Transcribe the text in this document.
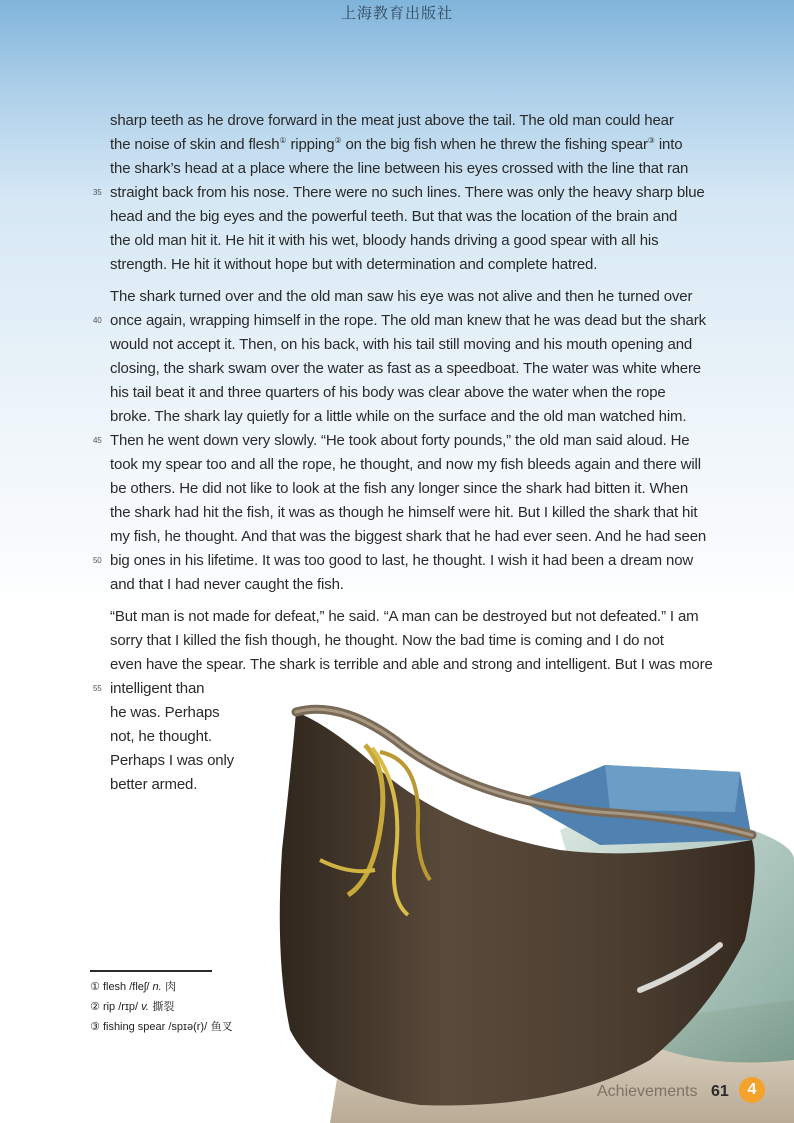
上海教育出版社
sharp teeth as he drove forward in the meat just above the tail. The old man could hear
the noise of skin and flesh① ripping② on the big fish when he threw the fishing spear③ into
the shark’s head at a place where the line between his eyes crossed with the line that ran
35 straight back from his nose. There were no such lines. There was only the heavy sharp blue
head and the big eyes and the powerful teeth. But that was the location of the brain and
the old man hit it. He hit it with his wet, bloody hands driving a good spear with all his
strength. He hit it without hope but with determination and complete hatred.
The shark turned over and the old man saw his eye was not alive and then he turned over
40 once again, wrapping himself in the rope. The old man knew that he was dead but the shark
would not accept it. Then, on his back, with his tail still moving and his mouth opening and
closing, the shark swam over the water as fast as a speedboat. The water was white where
his tail beat it and three quarters of his body was clear above the water when the rope
broke. The shark lay quietly for a little while on the surface and the old man watched him.
45 Then he went down very slowly. “He took about forty pounds,” the old man said aloud. He
took my spear too and all the rope, he thought, and now my fish bleeds again and there will
be others. He did not like to look at the fish any longer since the shark had bitten it. When
the shark had hit the fish, it was as though he himself were hit. But I killed the shark that hit
my fish, he thought. And that was the biggest shark that he had ever seen. And he had seen
50 big ones in his lifetime. It was too good to last, he thought. I wish it had been a dream now
and that I had never caught the fish.
“But man is not made for defeat,” he said. “A man can be destroyed but not defeated.” I am
sorry that I killed the fish though, he thought. Now the bad time is coming and I do not
even have the spear. The shark is terrible and able and strong and intelligent. But I was more
55 intelligent than
he was. Perhaps
not, he thought.
Perhaps I was only
better armed.
① flesh /fleʃ/ n. 肉
② rip /rɪp/ v. 撕裂
③ fishing spear /spɪə(r)/ 鱼叉
Achievements 61	4
